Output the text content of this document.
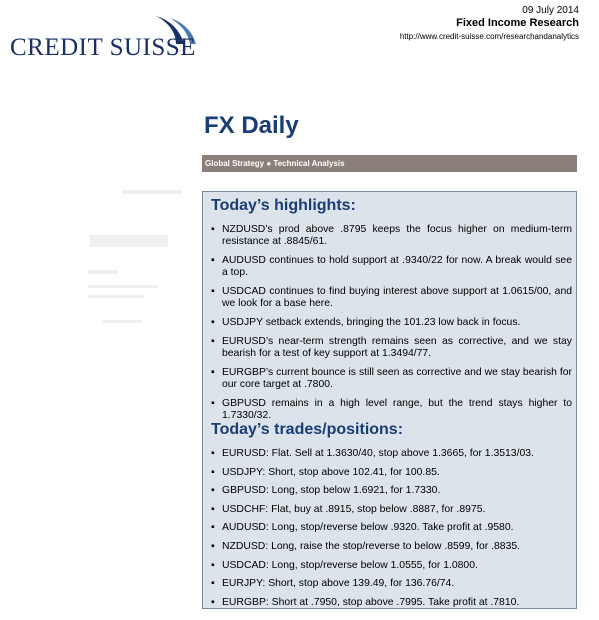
CREDIT SUISSE
09 July 2014
Fixed Income Research
http://www.credit-suisse.com/researchandanalytics
FX Daily
Global Strategy ● Technical Analysis
Today’s highlights:
▪ NZDUSD’s prod above .8795 keeps the focus higher on medium-term resistance at .8845/61.
▪ AUDUSD continues to hold support at .9340/22 for now. A break would see a top.
▪ USDCAD continues to find buying interest above support at 1.0615/00, and we look for a base here.
▪ USDJPY setback extends, bringing the 101.23 low back in focus.
▪ EURUSD’s near-term strength remains seen as corrective, and we stay bearish for a test of key support at 1.3494/77.
▪ EURGBP’s current bounce is still seen as corrective and we stay bearish for our core target at .7800.
▪ GBPUSD remains in a high level range, but the trend stays higher to 1.7330/32.
Today’s trades/positions:
▪ EURUSD: Flat. Sell at 1.3630/40, stop above 1.3665, for 1.3513/03.
▪ USDJPY: Short, stop above 102.41, for 100.85.
▪ GBPUSD: Long, stop below 1.6921, for 1.7330.
▪ USDCHF: Flat, buy at .8915, stop below .8887, for .8975.
▪ AUDUSD: Long, stop/reverse below .9320. Take profit at .9580.
▪ NZDUSD: Long, raise the stop/reverse to below .8599, for .8835.
▪ USDCAD: Long, stop/reverse below 1.0555, for 1.0800.
▪ EURJPY: Short, stop above 139.49, for 136.76/74.
▪ EURGBP: Short at .7950, stop above .7995. Take profit at .7810.
